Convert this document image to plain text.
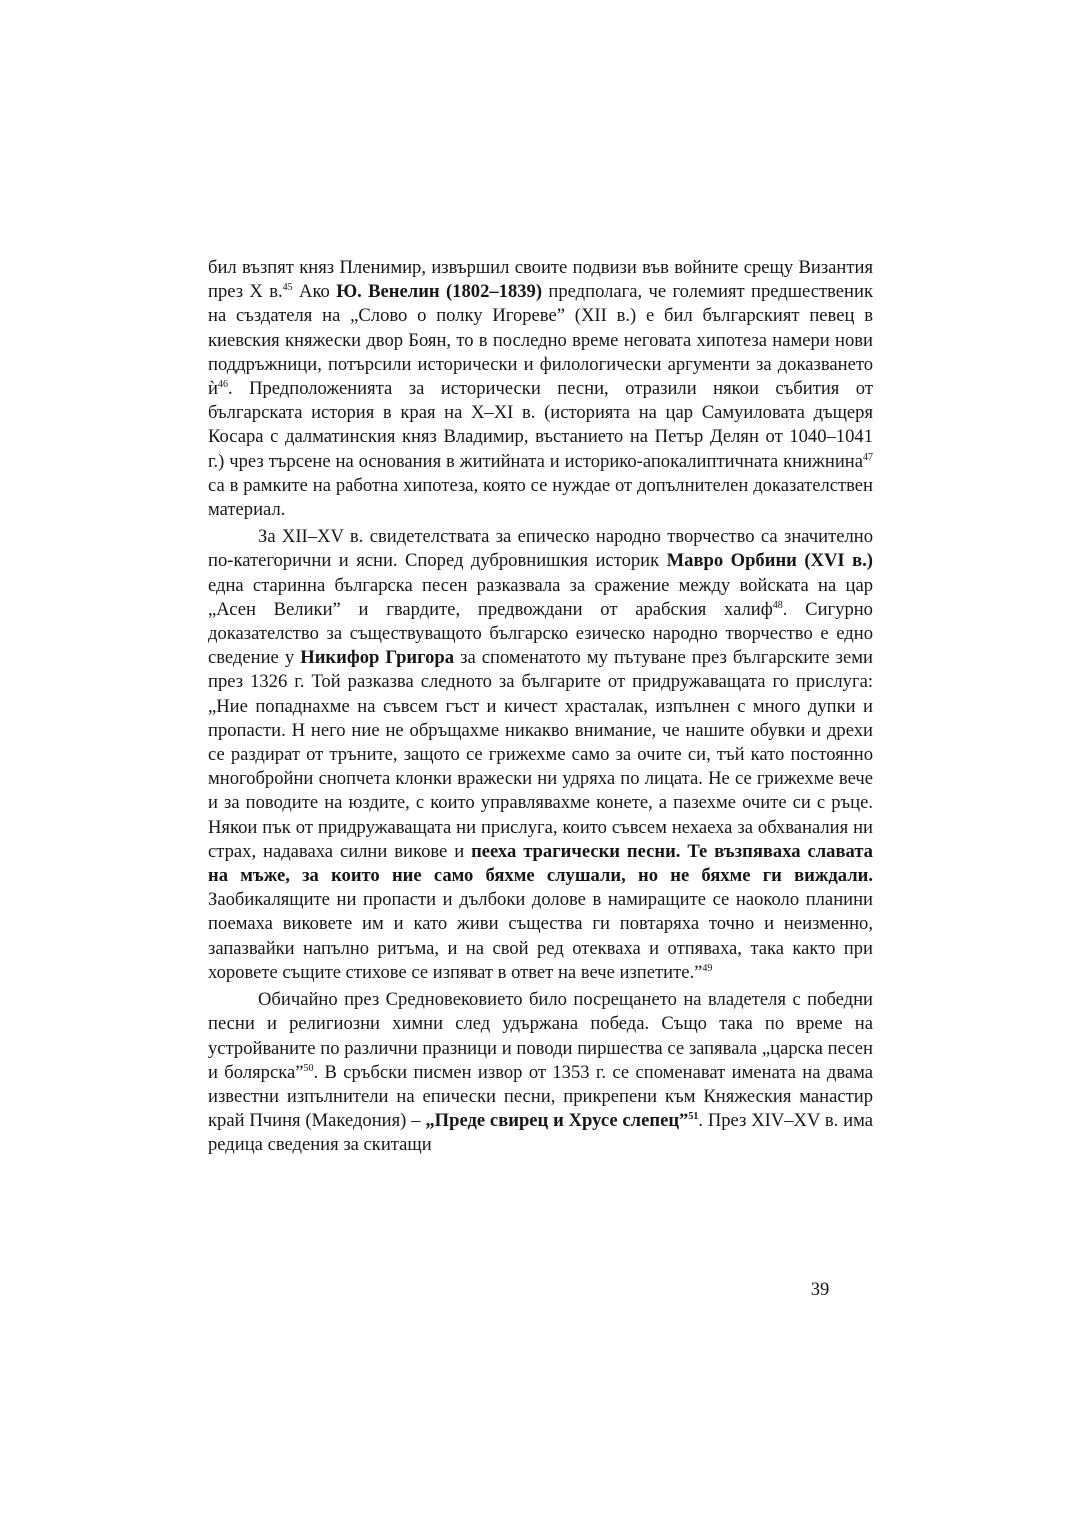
бил възпят княз Пленимир, извършил своите подвизи във войните срещу Византия през Х в.$^{45}$ Ако Ю. Венелин (1802–1839) предполага, че големият предшественик на създателя на „Слово о полку Игореве” (ХІІ в.) е бил българският певец в киевския княжески двор Боян, то в последно време неговата хипотеза намери нови поддръжници, потърсили исторически и филологически аргументи за доказването $ѝ^{46}$. Предположенията за исторически песни, отразили някои събития от българската история в края на Х–ХІ в. (историята на цар Самуиловата дъщеря Косара с далматинския княз Владимир, въстанието на Петър Делян от 1040–1041 г.) чрез търсене на основания в житийната и историко-апокалиптичната книжнина$^{47}$ са в рамките на работна хипотеза, която се нуждае от допълнителен доказателствен материал.

За ХІІ–ХV в. свидетелствата за епическо народно творчество са значително по-категорични и ясни. Според дубровнишкия историк Мавро Орбини (ХVІ в.) една старинна българска песен разказвала за сражение между войската на цар „Асен Велики” и гвардите, предвождани от арабския халиф$^{48}$. Сигурно доказателство за съществуващото българско езическо народно творчество е едно сведение у Никифор Григора за споменатото му пътуване през българските земи през 1326 г. Той разказва следното за българите от придружаващата го прислуга: „Ние попаднахме на съвсем гъст и кичест храсталак, изпълнен с много дупки и пропасти. Н него ние не обръщахме никакво внимание, че нашите обувки и дрехи се раздират от тръните, защото се грижехме само за очите си, тъй като постоянно многобройни снопчета клонки вражески ни удряха по лицата. Не се грижехме вече и за поводите на юздите, с които управлявахме конете, а пазехме очите си с ръце. Някои пък от придружаващата ни прислуга, които съвсем нехаеха за обхваналия ни страх, надаваха силни викове и пееха трагически песни. Те възпяваха славата на мъже, за които ние само бяхме слушали, но не бяхме ги виждали. Заобикалящите ни пропасти и дълбоки долове в намиращите се наоколо планини поемаха виковете им и като живи същества ги повтаряха точно и неизменно, запазвайки напълно ритъма, и на свой ред отекваха и отпяваха, така както при хоровете същите стихове се изпяват в ответ на вече изпетите.”$^{49}$

Обичайно през Средновековието било посрещането на владетеля с победни песни и религиозни химни след удържана победа. Също така по време на устройваните по различни празници и поводи пиршества се запявала „царска песен и болярска”$^{50}$. В сръбски писмен извор от 1353 г. се споменават имената на двама известни изпълнители на епически песни, прикрепени към Княжеския манастир край Пчиня (Македония) – „Преде свирец и Хрусе слепец”$^{51}$. През ХІV–ХV в. има редица сведения за скитащи

39
